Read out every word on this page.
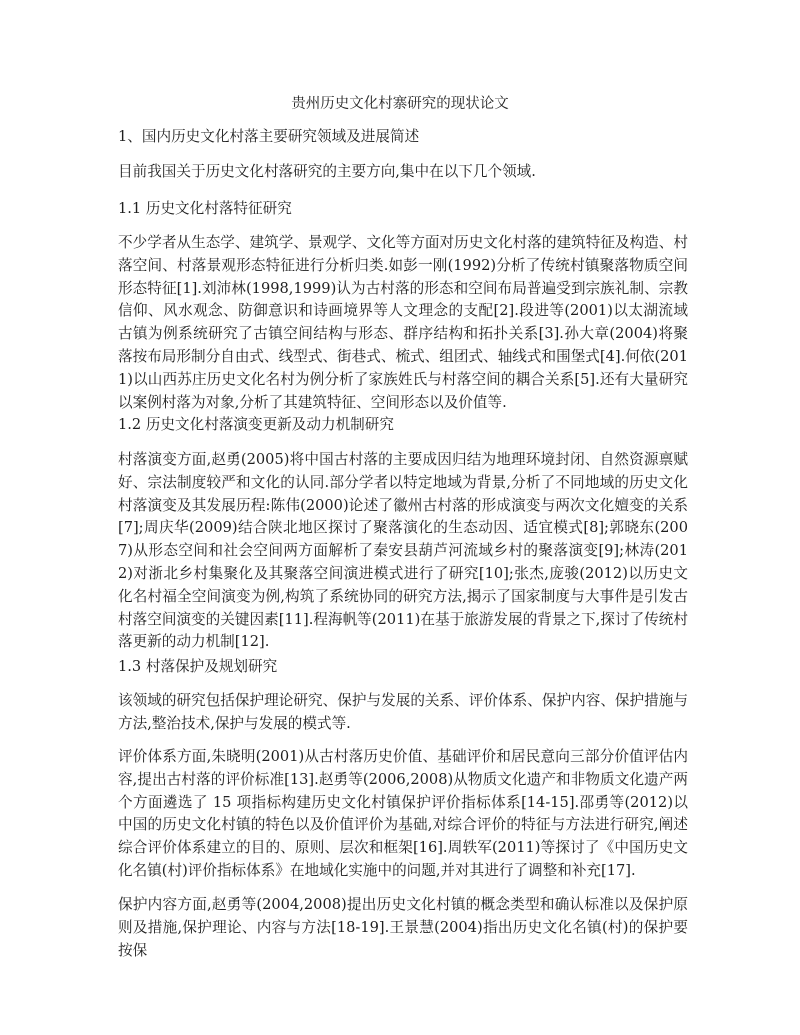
贵州历史文化村寨研究的现状论文

1、国内历史文化村落主要研究领域及进展简述

目前我国关于历史文化村落研究的主要方向,集中在以下几个领域.

1.1 历史文化村落特征研究

不少学者从生态学、建筑学、景观学、文化等方面对历史文化村落的建筑特征及构造、村落空间、村落景观形态特征进行分析归类.如彭一刚(1992)分析了传统村镇聚落物质空间形态特征[1].刘沛林(1998,1999)认为古村落的形态和空间布局普遍受到宗族礼制、宗教信仰、风水观念、防御意识和诗画境界等人文理念的支配[2].段进等(2001)以太湖流域古镇为例系统研究了古镇空间结构与形态、群序结构和拓扑关系[3].孙大章(2004)将聚落按布局形制分自由式、线型式、街巷式、梳式、组团式、轴线式和围堡式[4].何依(2011)以山西苏庄历史文化名村为例分析了家族姓氏与村落空间的耦合关系[5].还有大量研究以案例村落为对象,分析了其建筑特征、空间形态以及价值等.

1.2 历史文化村落演变更新及动力机制研究

村落演变方面,赵勇(2005)将中国古村落的主要成因归结为地理环境封闭、自然资源禀赋好、宗法制度较严和文化的认同.部分学者以特定地域为背景,分析了不同地域的历史文化村落演变及其发展历程:陈伟(2000)论述了徽州古村落的形成演变与两次文化嬗变的关系[7];周庆华(2009)结合陕北地区探讨了聚落演化的生态动因、适宜模式[8];郭晓东(2007)从形态空间和社会空间两方面解析了秦安县葫芦河流域乡村的聚落演变[9];林涛(2012)对浙北乡村集聚化及其聚落空间演进模式进行了研究[10];张杰,庞骏(2012)以历史文化名村福全空间演变为例,构筑了系统协同的研究方法,揭示了国家制度与大事件是引发古村落空间演变的关键因素[11].程海帆等(2011)在基于旅游发展的背景之下,探讨了传统村落更新的动力机制[12].

1.3 村落保护及规划研究

该领域的研究包括保护理论研究、保护与发展的关系、评价体系、保护内容、保护措施与方法,整治技术,保护与发展的模式等.

评价体系方面,朱晓明(2001)从古村落历史价值、基础评价和居民意向三部分价值评估内容,提出古村落的评价标准[13].赵勇等(2006,2008)从物质文化遗产和非物质文化遗产两个方面遴选了 15 项指标构建历史文化村镇保护评价指标体系[14-15].邵勇等(2012)以中国的历史文化村镇的特色以及价值评价为基础,对综合评价的特征与方法进行研究,阐述综合评价体系建立的目的、原则、层次和框架[16].周轶军(2011)等探讨了《中国历史文化名镇(村)评价指标体系》在地域化实施中的问题,并对其进行了调整和补充[17].

保护内容方面,赵勇等(2004,2008)提出历史文化村镇的概念类型和确认标准以及保护原则及措施,保护理论、内容与方法[18-19].王景慧(2004)指出历史文化名镇(村)的保护要按保
